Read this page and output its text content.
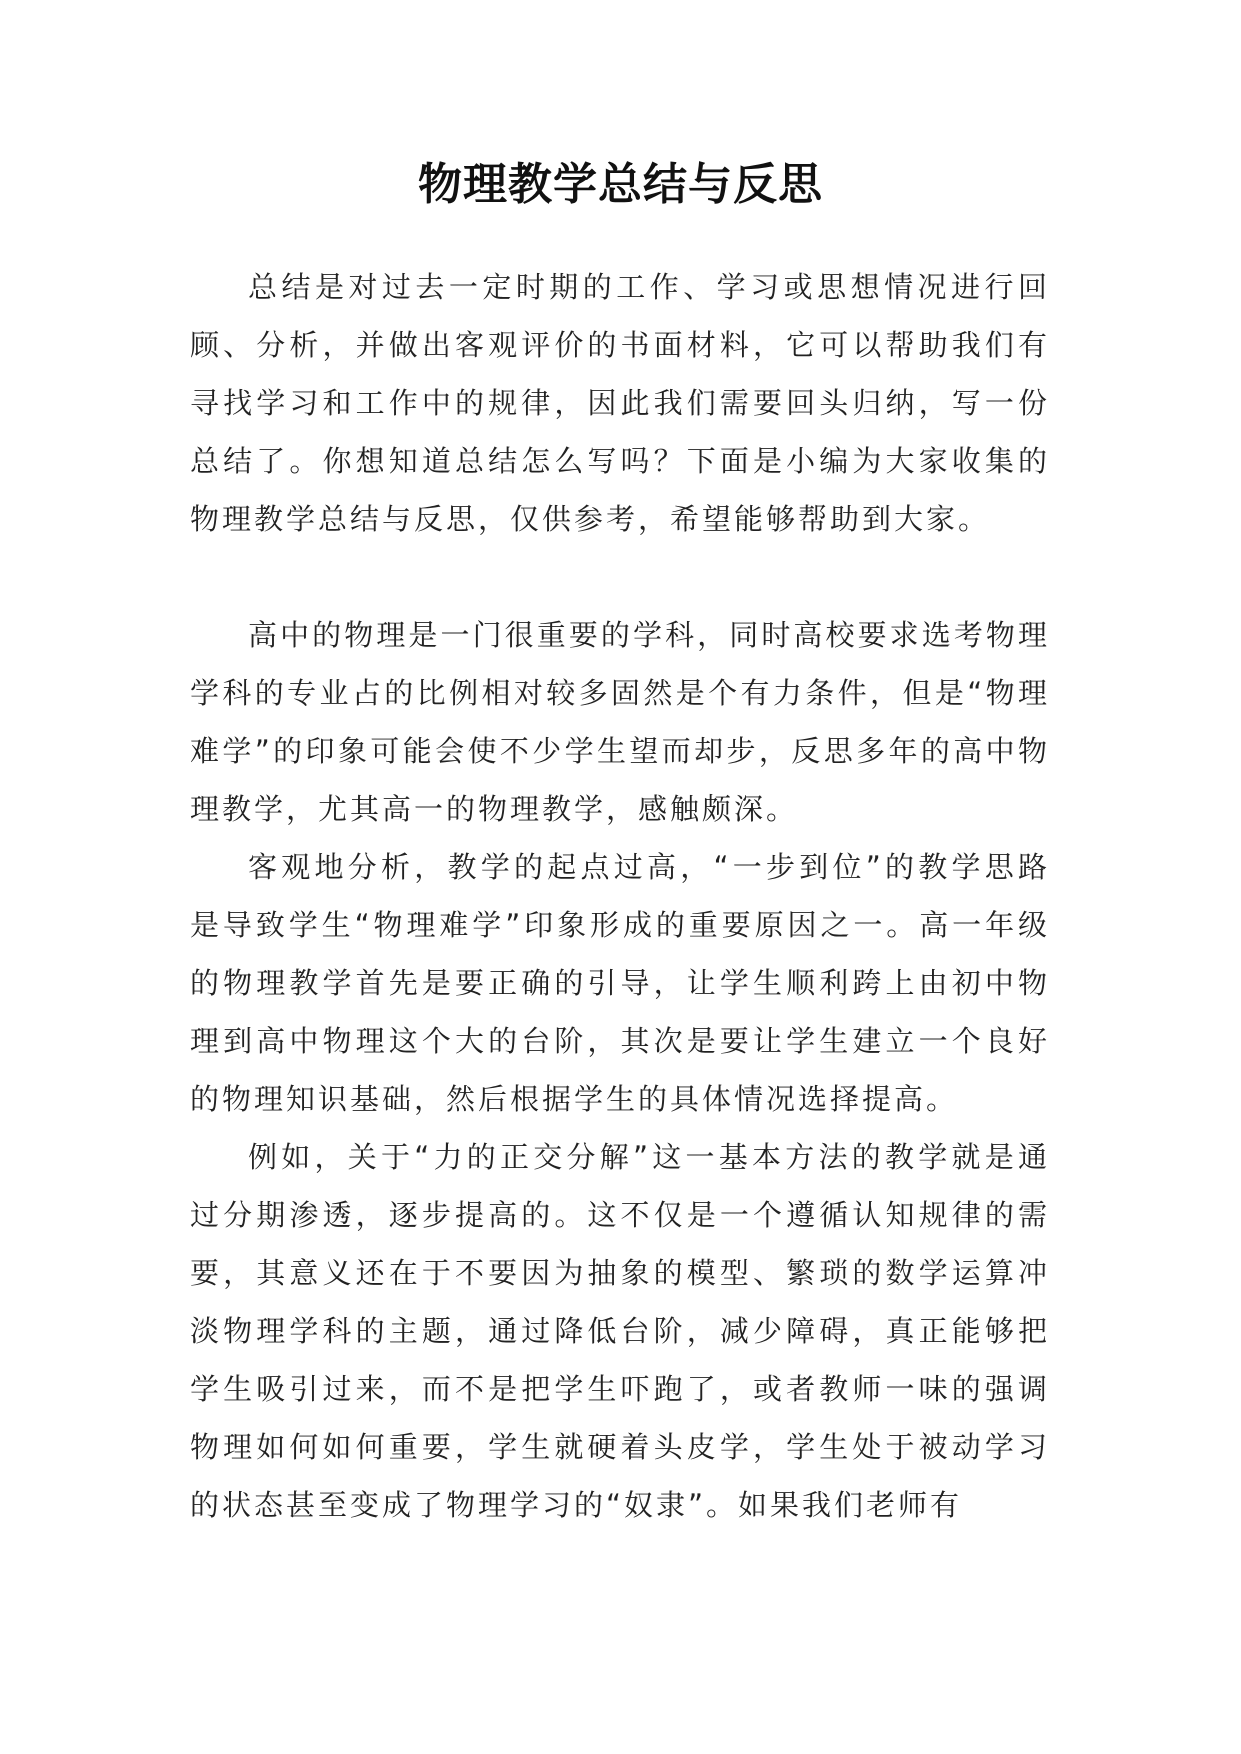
物理教学总结与反思

总结是对过去一定时期的工作、学习或思想情况进行回顾、分析，并做出客观评价的书面材料，它可以帮助我们有寻找学习和工作中的规律，因此我们需要回头归纳，写一份总结了。你想知道总结怎么写吗？下面是小编为大家收集的物理教学总结与反思，仅供参考，希望能够帮助到大家。

高中的物理是一门很重要的学科，同时高校要求选考物理学科的专业占的比例相对较多固然是个有力条件，但是“物理难学”的印象可能会使不少学生望而却步，反思多年的高中物理教学，尤其高一的物理教学，感触颇深。

客观地分析，教学的起点过高，“一步到位”的教学思路是导致学生“物理难学”印象形成的重要原因之一。高一年级的物理教学首先是要正确的引导，让学生顺利跨上由初中物理到高中物理这个大的台阶，其次是要让学生建立一个良好的物理知识基础，然后根据学生的具体情况选择提高。

例如，关于“力的正交分解”这一基本方法的教学就是通过分期渗透，逐步提高的。这不仅是一个遵循认知规律的需要，其意义还在于不要因为抽象的模型、繁琐的数学运算冲淡物理学科的主题，通过降低台阶，减少障碍，真正能够把学生吸引过来，而不是把学生吓跑了，或者教师一味的强调物理如何如何重要，学生就硬着头皮学，学生处于被动学习的状态甚至变成了物理学习的“奴隶”。如果我们老师有
